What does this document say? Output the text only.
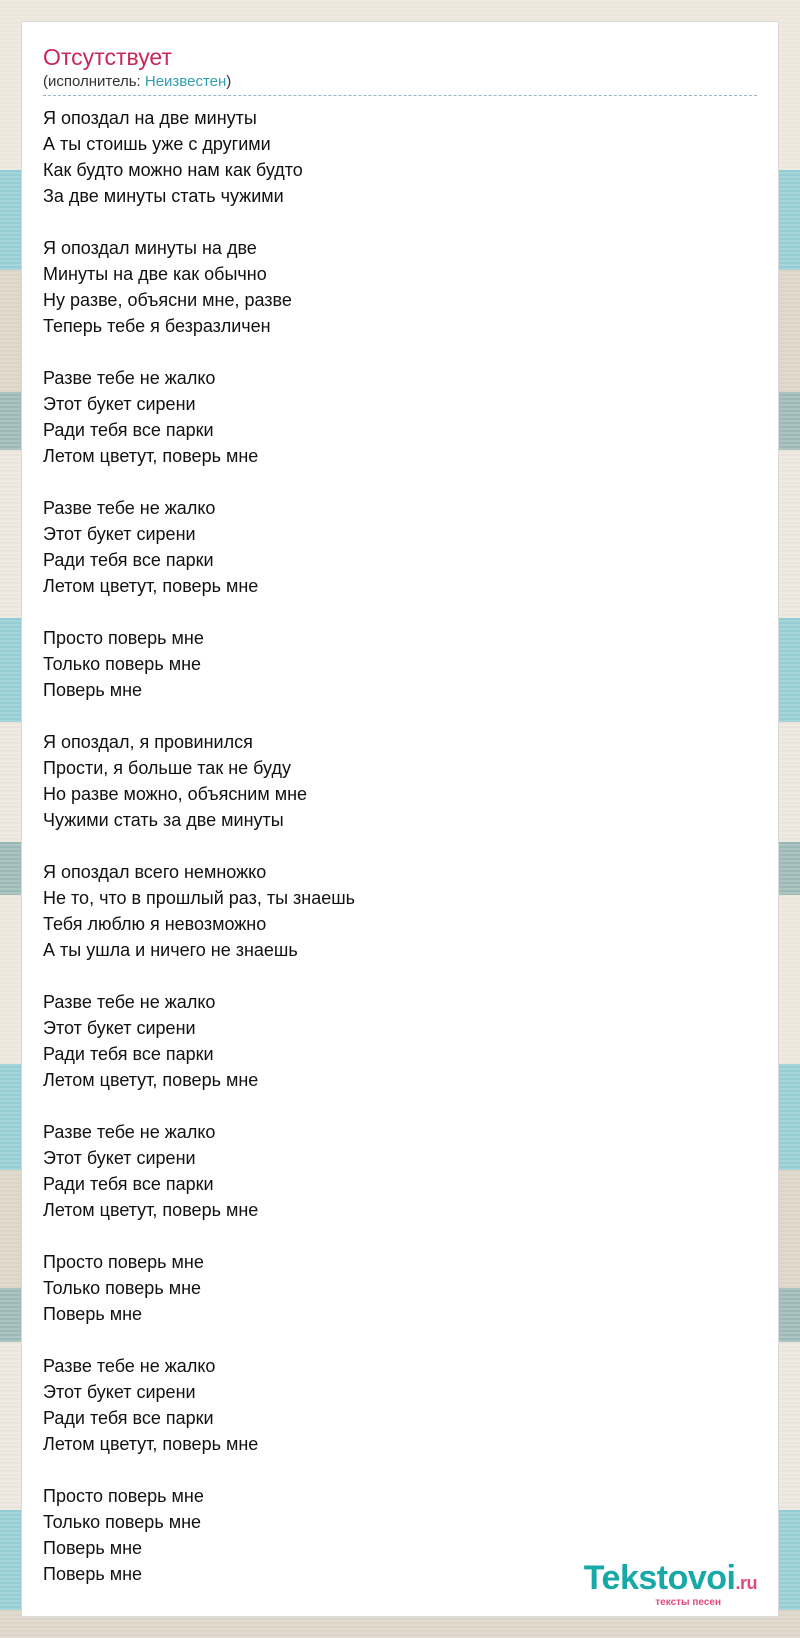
Отсутствует
(исполнитель: Неизвестен)
Я опоздал на две минуты
А ты стоишь уже с другими
Как будто можно нам как будто
За две минуты стать чужими
Я опоздал минуты на две
Минуты на две как обычно
Ну разве, объясни мне, разве
Теперь тебе я безразличен
Разве тебе не жалко
Этот букет сирени
Ради тебя все парки
Летом цветут, поверь мне
Разве тебе не жалко
Этот букет сирени
Ради тебя все парки
Летом цветут, поверь мне
Просто поверь мне
Только поверь мне
Поверь мне
Я опоздал, я провинился
Прости, я больше так не буду
Но разве можно, объясним мне
Чужими стать за две минуты
Я опоздал всего немножко
Не то, что в прошлый раз, ты знаешь
Тебя люблю я невозможно
А ты ушла и ничего не знаешь
Разве тебе не жалко
Этот букет сирени
Ради тебя все парки
Летом цветут, поверь мне
Разве тебе не жалко
Этот букет сирени
Ради тебя все парки
Летом цветут, поверь мне
Просто поверь мне
Только поверь мне
Поверь мне
Разве тебе не жалко
Этот букет сирени
Ради тебя все парки
Летом цветут, поверь мне
Просто поверь мне
Только поверь мне
Поверь мне
Поверь мне	Tekstovoi.ru
тексты песен
